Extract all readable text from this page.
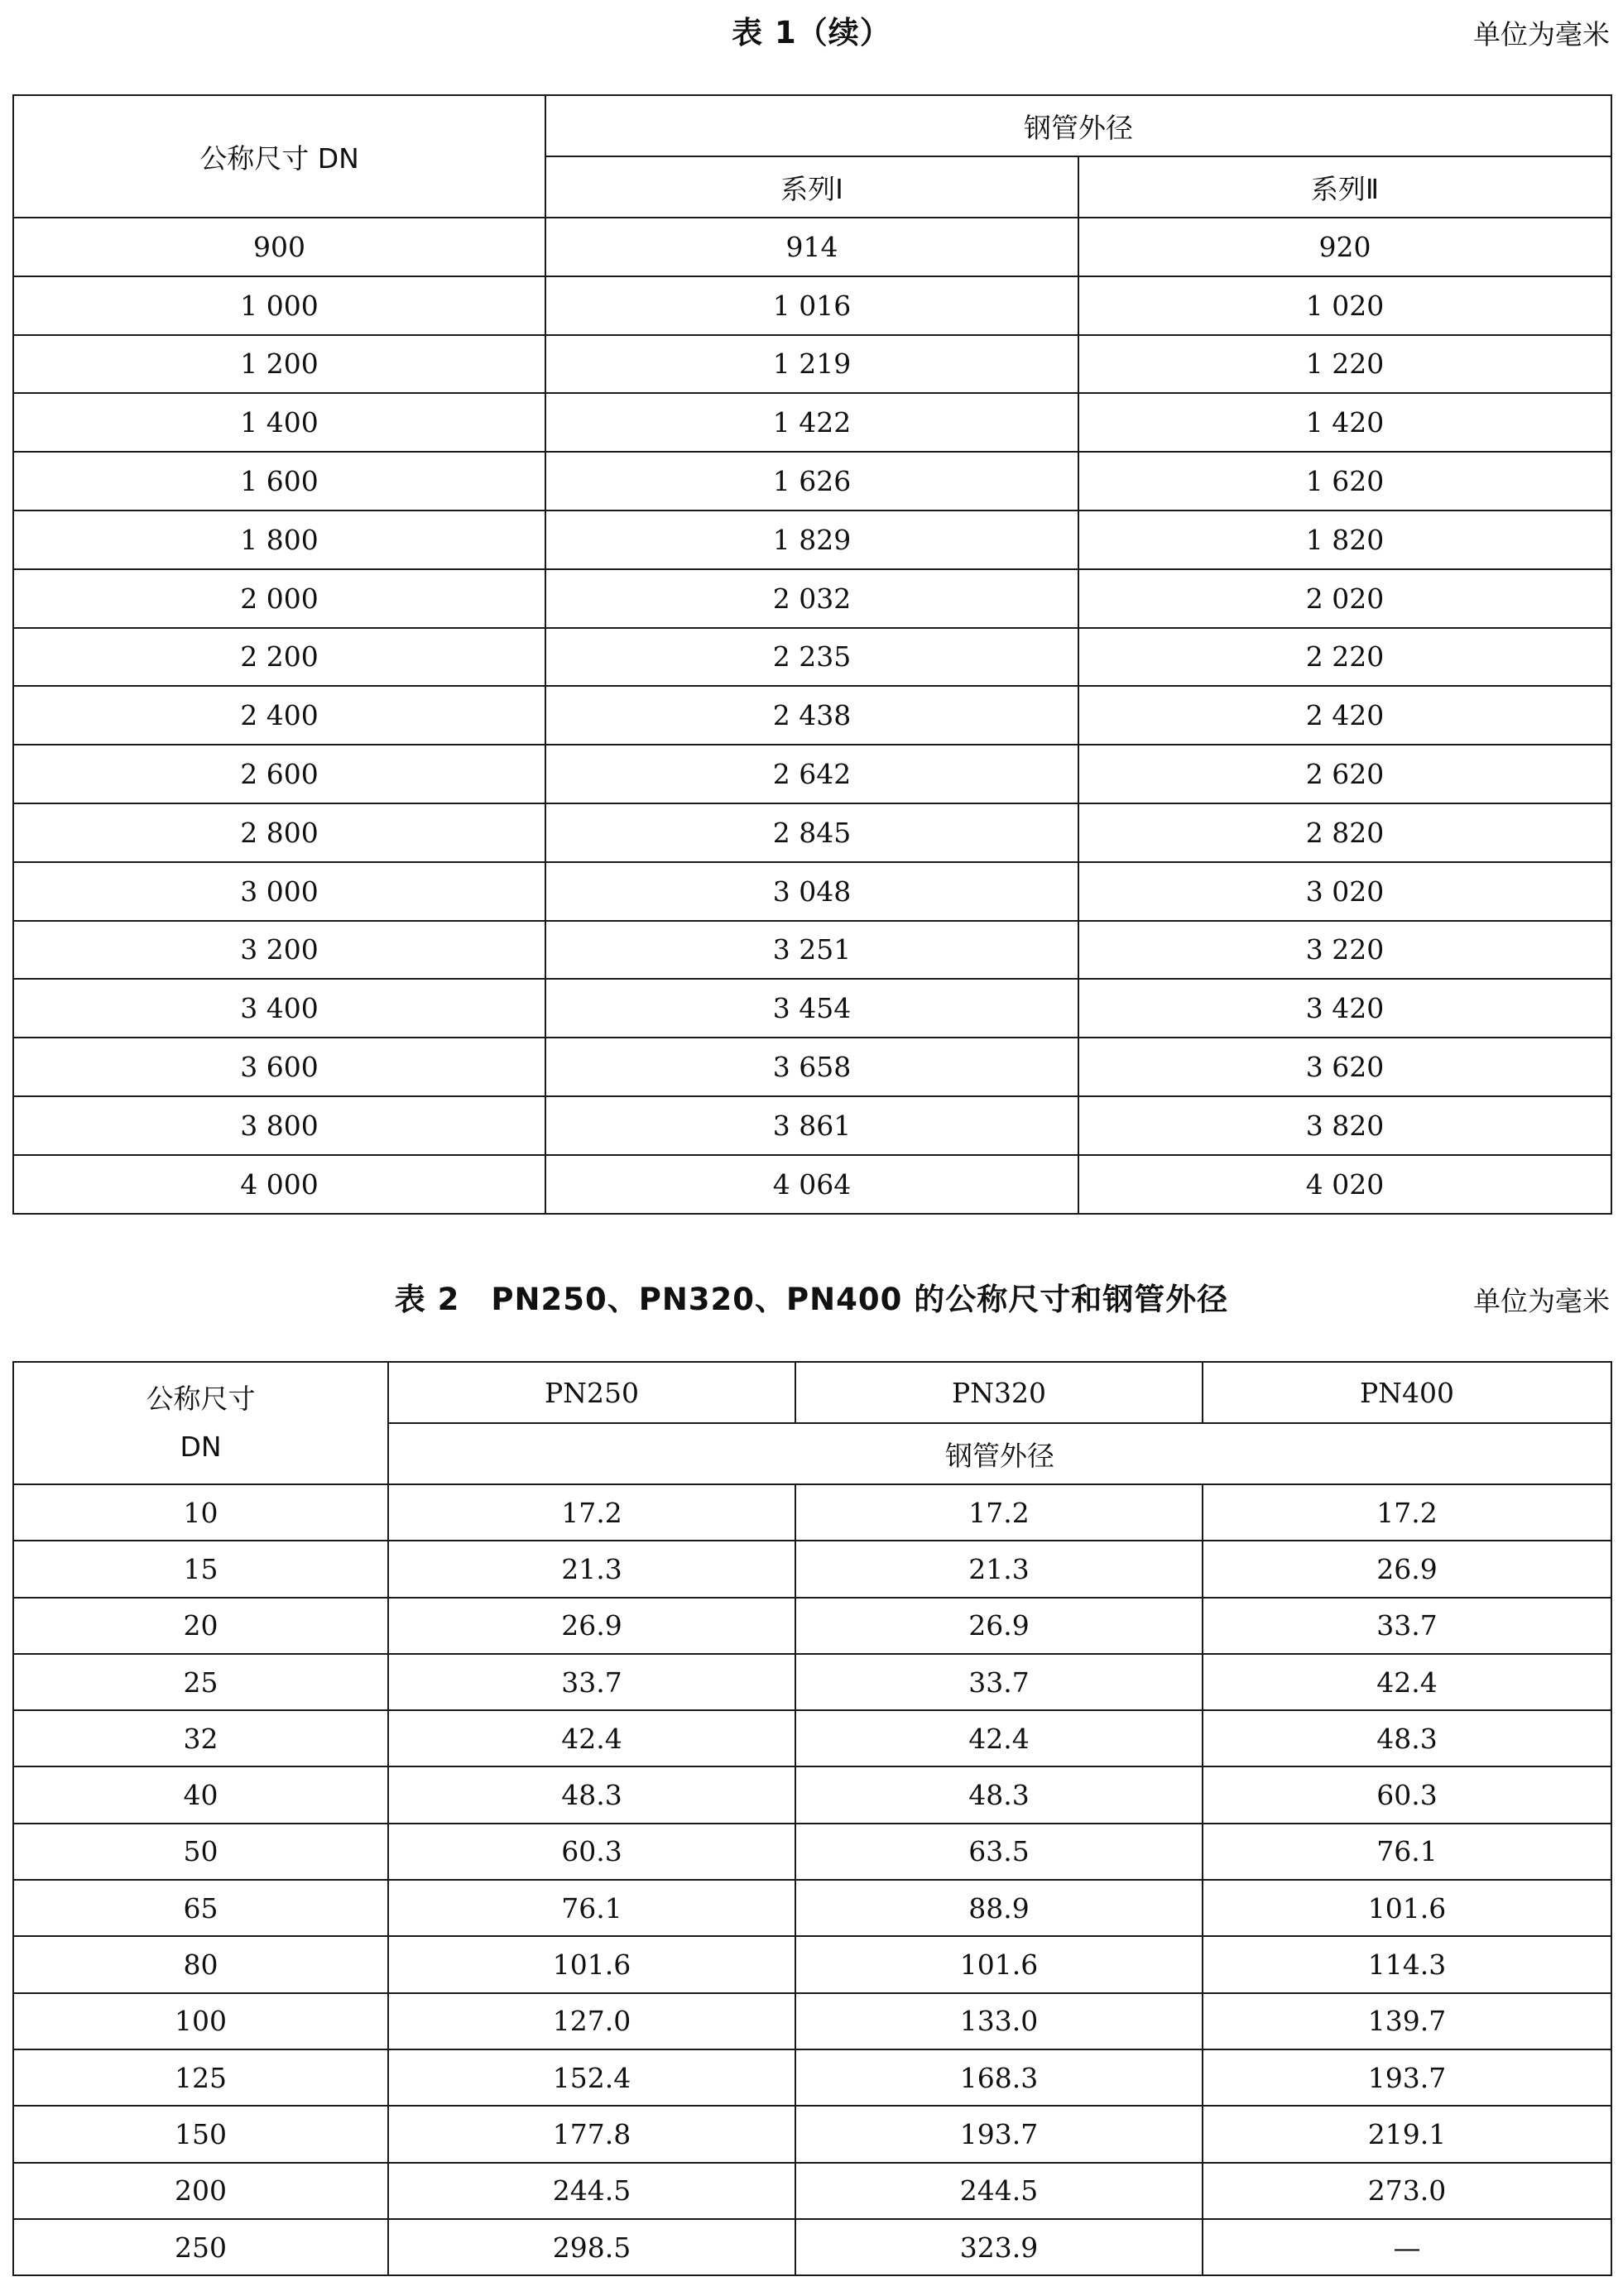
表 1（续）	单位为毫米
公称尺寸 DN	钢管外径	
	系列Ⅰ	系列Ⅱ
900	914	920
1 000	1 016	1 020
1 200	1 219	1 220
1 400	1 422	1 420
1 600	1 626	1 620
1 800	1 829	1 820
2 000	2 032	2 020
2 200	2 235	2 220
2 400	2 438	2 420
2 600	2 642	2 620
2 800	2 845	2 820
3 000	3 048	3 020
3 200	3 251	3 220
3 400	3 454	3 420
3 600	3 658	3 620
3 800	3 861	3 820
4 000	4 064	4 020
表 2　PN250、PN320、PN400 的公称尺寸和钢管外径	单位为毫米
公称尺寸
DN	PN250	PN320	PN400
	钢管外径		
10	17.2	17.2	17.2
15	21.3	21.3	26.9
20	26.9	26.9	33.7
25	33.7	33.7	42.4
32	42.4	42.4	48.3
40	48.3	48.3	60.3
50	60.3	63.5	76.1
65	76.1	88.9	101.6
80	101.6	101.6	114.3
100	127.0	133.0	139.7
125	152.4	168.3	193.7
150	177.8	193.7	219.1
200	244.5	244.5	273.0
250	298.5	323.9	—
